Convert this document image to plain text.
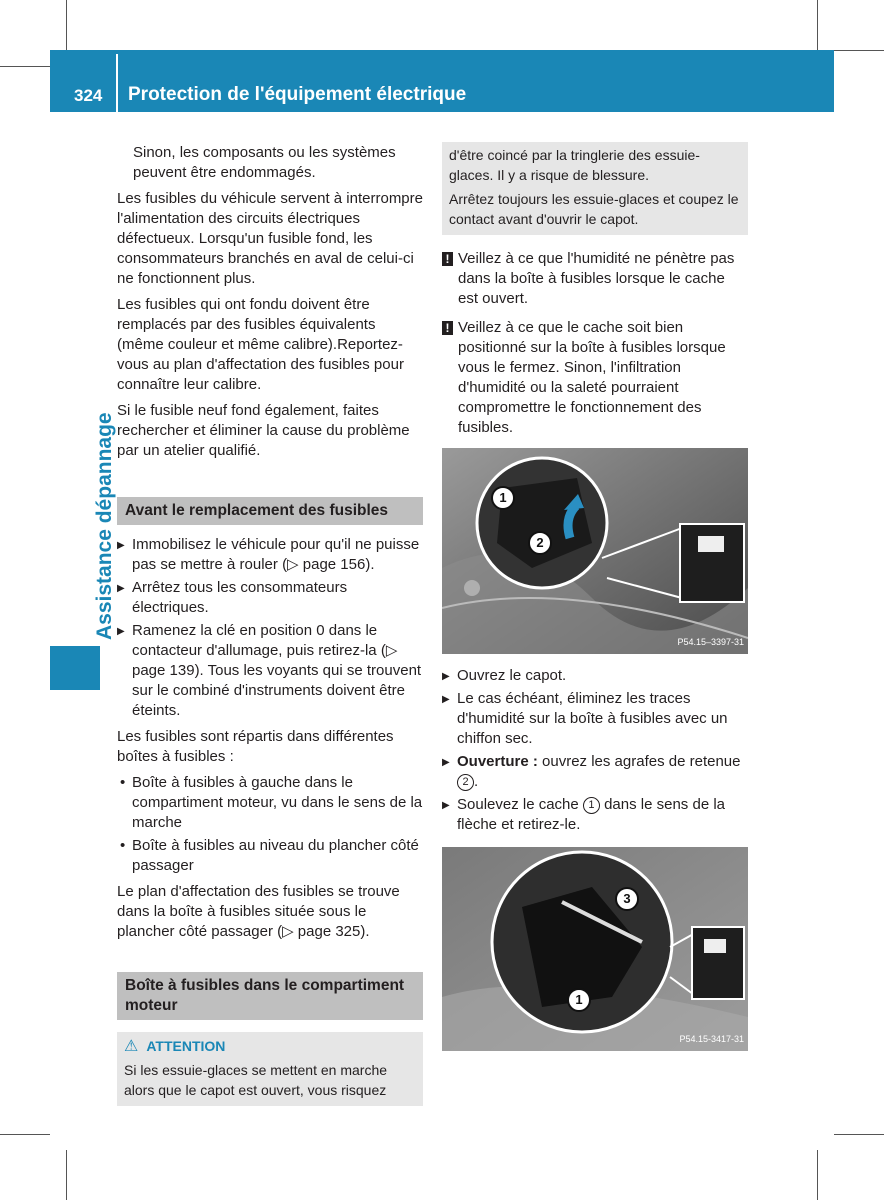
324	Protection de l'équipement électrique
Assistance dépannage

Sinon, les composants ou les systèmes peuvent être endommagés.

Les fusibles du véhicule servent à interrompre l'alimentation des circuits électriques défectueux. Lorsqu'un fusible fond, les consommateurs branchés en aval de celui-ci ne fonctionnent plus.

Les fusibles qui ont fondu doivent être remplacés par des fusibles équivalents (même couleur et même calibre).Reportez-vous au plan d'affectation des fusibles pour connaître leur calibre.

Si le fusible neuf fond également, faites rechercher et éliminer la cause du problème par un atelier qualifié.

Avant le remplacement des fusibles
▶ Immobilisez le véhicule pour qu'il ne puisse pas se mettre à rouler (▷ page 156).
▶ Arrêtez tous les consommateurs électriques.
▶ Ramenez la clé en position 0 dans le contacteur d'allumage, puis retirez-la (▷ page 139). Tous les voyants qui se trouvent sur le combiné d'instruments doivent être éteints.

Les fusibles sont répartis dans différentes boîtes à fusibles :

• Boîte à fusibles à gauche dans le compartiment moteur, vu dans le sens de la marche
• Boîte à fusibles au niveau du plancher côté passager

Le plan d'affectation des fusibles se trouve dans la boîte à fusibles située sous le plancher côté passager (▷ page 325).

Boîte à fusibles dans le compartiment moteur
⚠ ATTENTION
Si les essuie-glaces se mettent en marche alors que le capot est ouvert, vous risquez
d'être coincé par la tringlerie des essuie-glaces. Il y a risque de blessure.
Arrêtez toujours les essuie-glaces et coupez le contact avant d'ouvrir le capot.
! Veillez à ce que l'humidité ne pénètre pas dans la boîte à fusibles lorsque le cache est ouvert.
! Veillez à ce que le cache soit bien positionné sur la boîte à fusibles lorsque vous le fermez. Sinon, l'infiltration d'humidité ou la saleté pourraient compromettre le fonctionnement des fusibles.
1
2
P54.15–3397-31
▶ Ouvrez le capot.
▶ Le cas échéant, éliminez les traces d'humidité sur la boîte à fusibles avec un chiffon sec.
▶ Ouverture : ouvrez les agrafes de retenue 2 .
▶ Soulevez le cache 1 dans le sens de la flèche et retirez-le.
3
1
P54.15-3417-31
